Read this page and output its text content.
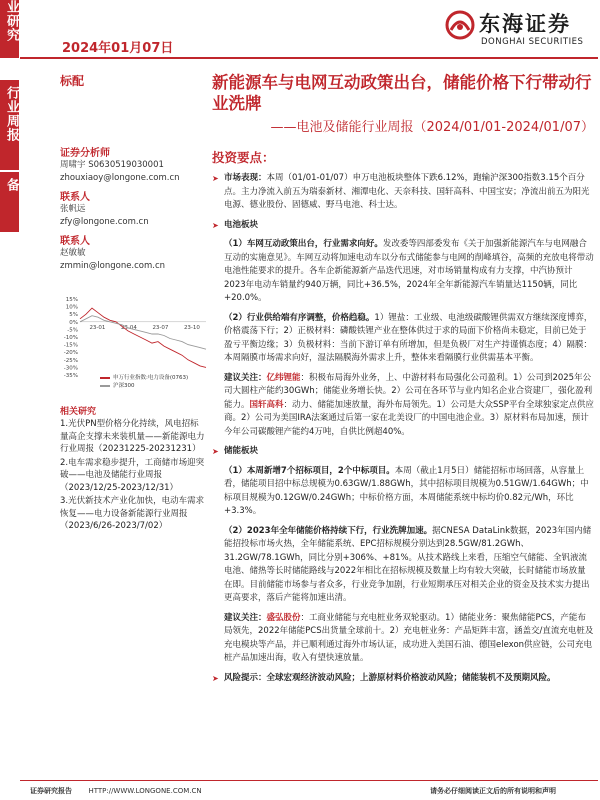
业研究
行业周报
电力设备
2024年01月07日
东海证券
DONGHAI SECURITIES
标配
证券分析师
周啸宇 S0630519030001
zhouxiaoy@longone.com.cn
联系人
张帆远
zfy@longone.com.cn
联系人
赵敏敏
zmmin@longone.com.cn
15%
10%
5%
0%
-5%
-10%
-15%
-20%
-25%
-30%
-35%
23-01	23-04	23-07	23-10
申万行业指数:电力设备(0763)
沪深300
相关研究
1.光伏PN型价格分化持续，风电招标量高企支撑未来装机量——新能源电力行业周报（20231225-20231231）
2.电车需求稳步提升，工商储市场迎突破——电池及储能行业周报（2023/12/25-2023/12/31）
3.光伏新技术产业化加快，电动车需求恢复——电力设备新能源行业周报（2023/6/26-2023/7/02）
新能源车与电网互动政策出台，储能价格下行带动行业洗牌
——电池及储能行业周报（2024/01/01-2024/01/07）
投资要点：
➤ 市场表现：本周（01/01-01/07）申万电池板块整体下跌6.12%，跑输沪深300指数3.15个百分点。主力净流入前五为瑞泰新材、湘潭电化、天奈科技、国轩高科、中国宝安；净流出前五为阳光电源、德业股份、固德威、野马电池、科士达。
➤ 电池板块

（1）车网互动政策出台，行业需求向好。发改委等四部委发布《关于加强新能源汽车与电网融合互动的实施意见》。车网互动将加速电动车以分布式储能参与电网的削峰填谷，高频的充放电将带动电池性能要求的提升。各车企新能源新产品迭代迅速，对市场销量构成有力支撑，中汽协预计2023年电动车销量约940万辆，同比+36.5%，2024年全年新能源汽车销量达1150辆，同比+20.0%。

（2）行业供给端有序调整，价格趋稳。1）锂盐：工业级、电池级碳酸锂供需双方继续深度博弈，价格震荡下行；2）正极材料：磷酸铁锂产业在整体供过于求的局面下价格尚未稳定，目前已处于盈亏平衡边缘；3）负极材料：当前下游订单有所增加，但是负极厂对生产持谨慎态度；4）隔膜：本周隔膜市场需求向好，湿法隔膜海外需求上升，整体来看隔膜行业供需基本平衡。

建议关注：亿纬锂能：积极布局海外业务，上、中游材料布局强化公司盈利。1）公司到2025年公司大圆柱产能约30GWh；储能业务增长快。2）公司在各环节与业内知名企业合资建厂，强化盈利能力。国轩高科：动力、储能加速放量，海外布局领先。1）公司是大众SSP平台全球独家定点供应商。2）公司为美国IRA法案通过后第一家在北美设厂的中国电池企业。3）原材料布局加速，预计今年公司碳酸锂产能约4万吨，自供比例超40%。

➤ 储能板块

（1）本周新增7个招标项目，2个中标项目。本周（截止1月5日）储能招标市场回落，从容量上看，储能项目招中标总规模为0.63GW/1.88GWh，其中招标项目规模为0.51GW/1.64GWh；中标项目规模为0.12GW/0.24GWh；中标价格方面，本周储能系统中标均价0.82元/Wh，环比+3.3%。

（2）2023年全年储能价格持续下行，行业洗牌加速。据CNESA DataLink数据，2023年国内储能招投标市场火热，全年储能系统、EPC招标规模分别达到28.5GW/81.2GWh、31.2GW/78.1GWh，同比分别+306%、+81%。从技术路线上来看，压缩空气储能、全钒液流电池、储热等长时储能路线与2022年相比在招标规模及数量上均有较大突破，长时储能市场放量在即。目前储能市场参与者众多，行业竞争加剧，行业短期承压对相关企业的资金及技术实力提出更高要求，落后产能将加速出清。

建议关注：盛弘股份：工商业储能与充电桩业务双轮驱动。1）储能业务：聚焦储能PCS，产能布局领先，2022年储能PCS出货量全球前十。2）充电桩业务：产品矩阵丰富，涵盖交/直流充电桩及充电模块等产品，并已顺利通过海外市场认证，成功进入美国石油、德国elexon供应链，公司充电桩产品加速出海，收入有望快速放量。

➤ 风险提示：全球宏观经济波动风险；上游原材料价格波动风险；储能装机不及预期风险。
证券研究报告 HTTP://WWW.LONGONE.COM.CN	请务必仔细阅读正文后的所有说明和声明
